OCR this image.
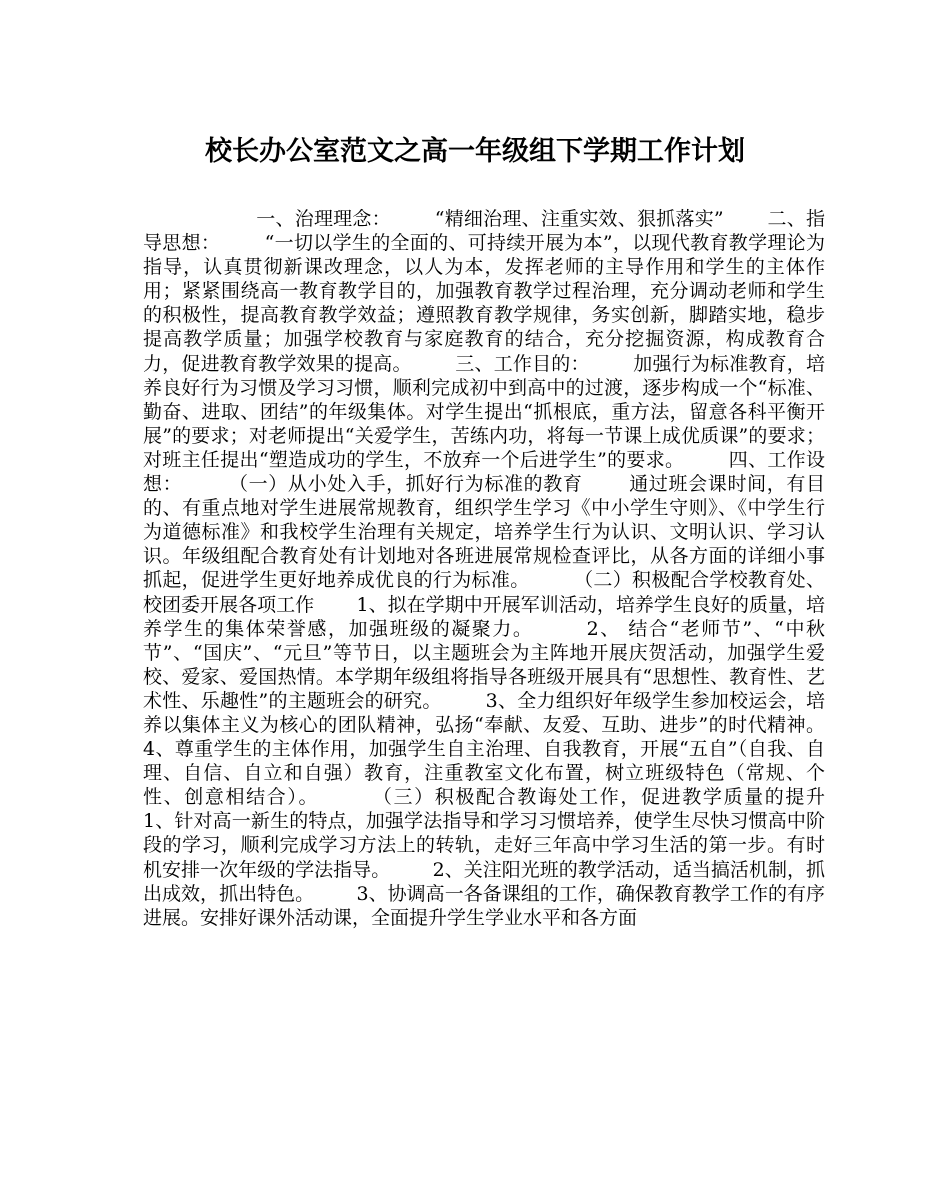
校长办公室范文之高一年级组下学期工作计划

一、治理理念：       “精细治理、注重实效、狠抓落实”       二、指导思想：       “一切以学生的全面的、可持续开展为本”，以现代教育教学理论为指导，认真贯彻新课改理念，以人为本，发挥老师的主导作用和学生的主体作用；紧紧围绕高一教育教学目的，加强教育教学过程治理，充分调动老师和学生的积极性，提高教育教学效益；遵照教育教学规律，务实创新，脚踏实地，稳步提高教学质量；加强学校教育与家庭教育的结合，充分挖掘资源，构成教育合力，促进教育教学效果的提高。       三、工作目的：       加强行为标准教育，培养良好行为习惯及学习习惯，顺利完成初中到高中的过渡，逐步构成一个“标准、勤奋、进取、团结”的年级集体。对学生提出“抓根底，重方法，留意各科平衡开展”的要求；对老师提出“关爱学生，苦练内功，将每一节课上成优质课”的要求；对班主任提出“塑造成功的学生，不放弃一个后进学生”的要求。       四、工作设想：       （一）从小处入手，抓好行为标准的教育       通过班会课时间，有目的、有重点地对学生进展常规教育，组织学生学习《中小学生守则》、《中学生行为道德标准》和我校学生治理有关规定，培养学生行为认识、文明认识、学习认识。年级组配合教育处有计划地对各班进展常规检查评比，从各方面的详细小事抓起，促进学生更好地养成优良的行为标准。       （二）积极配合学校教育处、校团委开展各项工作       1、拟在学期中开展军训活动，培养学生良好的质量，培养学生的集体荣誉感，加强班级的凝聚力。       2、 结合“老师节”、“中秋节”、“国庆”、“元旦”等节日，以主题班会为主阵地开展庆贺活动，加强学生爱校、爱家、爱国热情。本学期年级组将指导各班级开展具有“思想性、教育性、艺术性、乐趣性”的主题班会的研究。       3、全力组织好年级学生参加校运会，培养以集体主义为核心的团队精神，弘扬“奉献、友爱、互助、进步”的时代精神。       4、尊重学生的主体作用，加强学生自主治理、自我教育，开展“五自”（自我、自理、自信、自立和自强）教育，注重教室文化布置，树立班级特色（常规、个性、创意相结合）。       （三）积极配合教诲处工作，促进教学质量的提升       1、针对高一新生的特点，加强学法指导和学习习惯培养，使学生尽快习惯高中阶段的学习，顺利完成学习方法上的转轨，走好三年高中学习生活的第一步。有时机安排一次年级的学法指导。       2、关注阳光班的教学活动，适当搞活机制，抓出成效，抓出特色。       3、协调高一各备课组的工作，确保教育教学工作的有序进展。安排好课外活动课，全面提升学生学业水平和各方面
